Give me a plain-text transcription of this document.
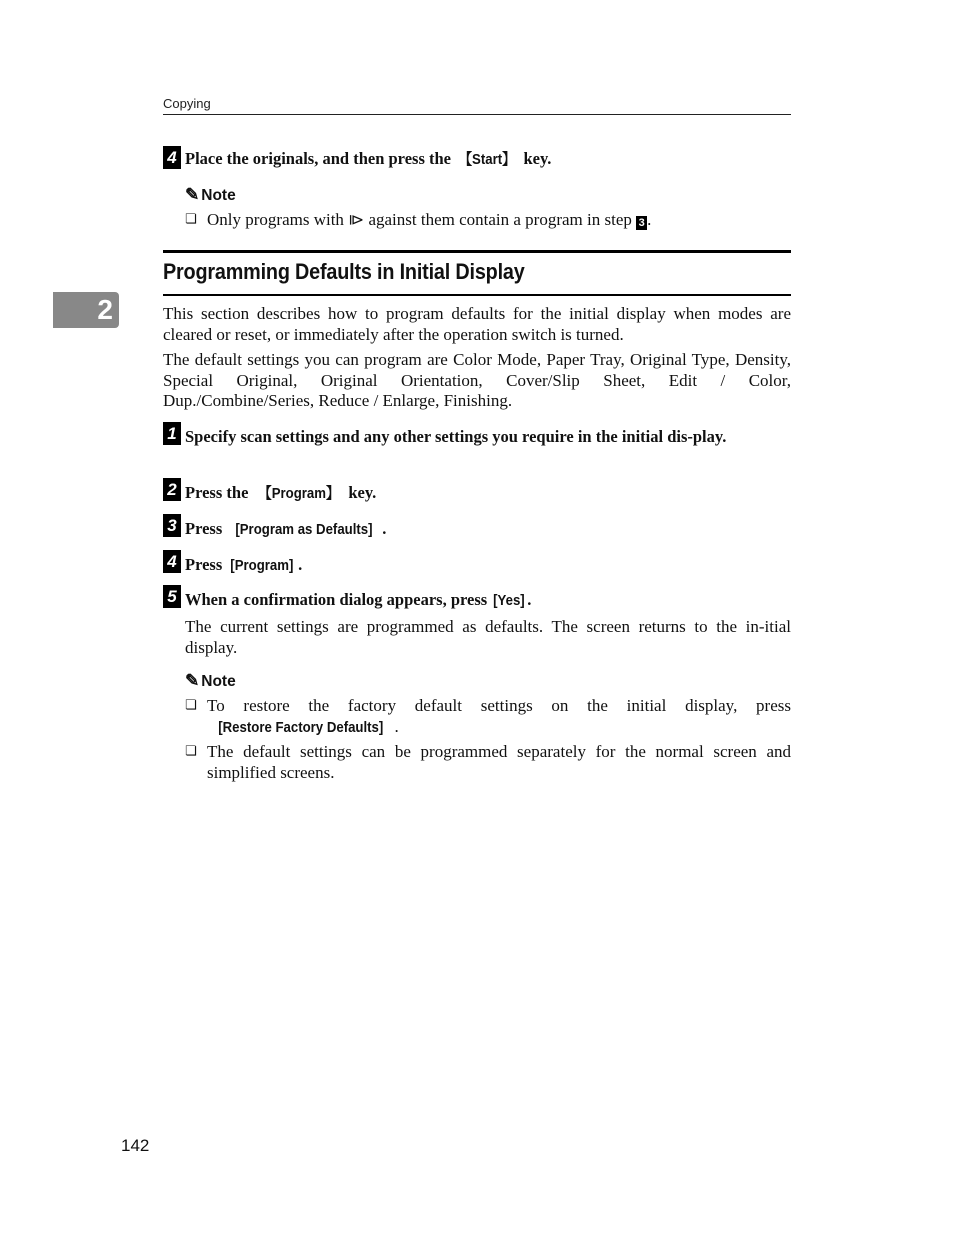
Copying
4 Place the originals, and then press the 【Start】 key.
✎ Note
❏ Only programs with ⧐ against them contain a program in step 3 .
Programming Defaults in Initial Display
2	This section describes how to program defaults for the initial display when modes are cleared or reset, or immediately after the operation switch is turned.
The default settings you can program are Color Mode, Paper Tray, Original Type, Density, Special Original, Original Orientation, Cover/Slip Sheet, Edit / Color, Dup./Combine/Series, Reduce / Enlarge, Finishing.
1 Specify scan settings and any other settings you require in the initial dis-play.
2 Press the 【Program】 key.
3 Press [Program as Defaults] .
4 Press [Program] .
5 When a confirmation dialog appears, press [Yes] .
The current settings are programmed as defaults. The screen returns to the in-itial display.
✎ Note
❏ To restore the factory default settings on the initial display, press [Restore Factory Defaults] .
❏ The default settings can be programmed separately for the normal screen and simplified screens.
142
